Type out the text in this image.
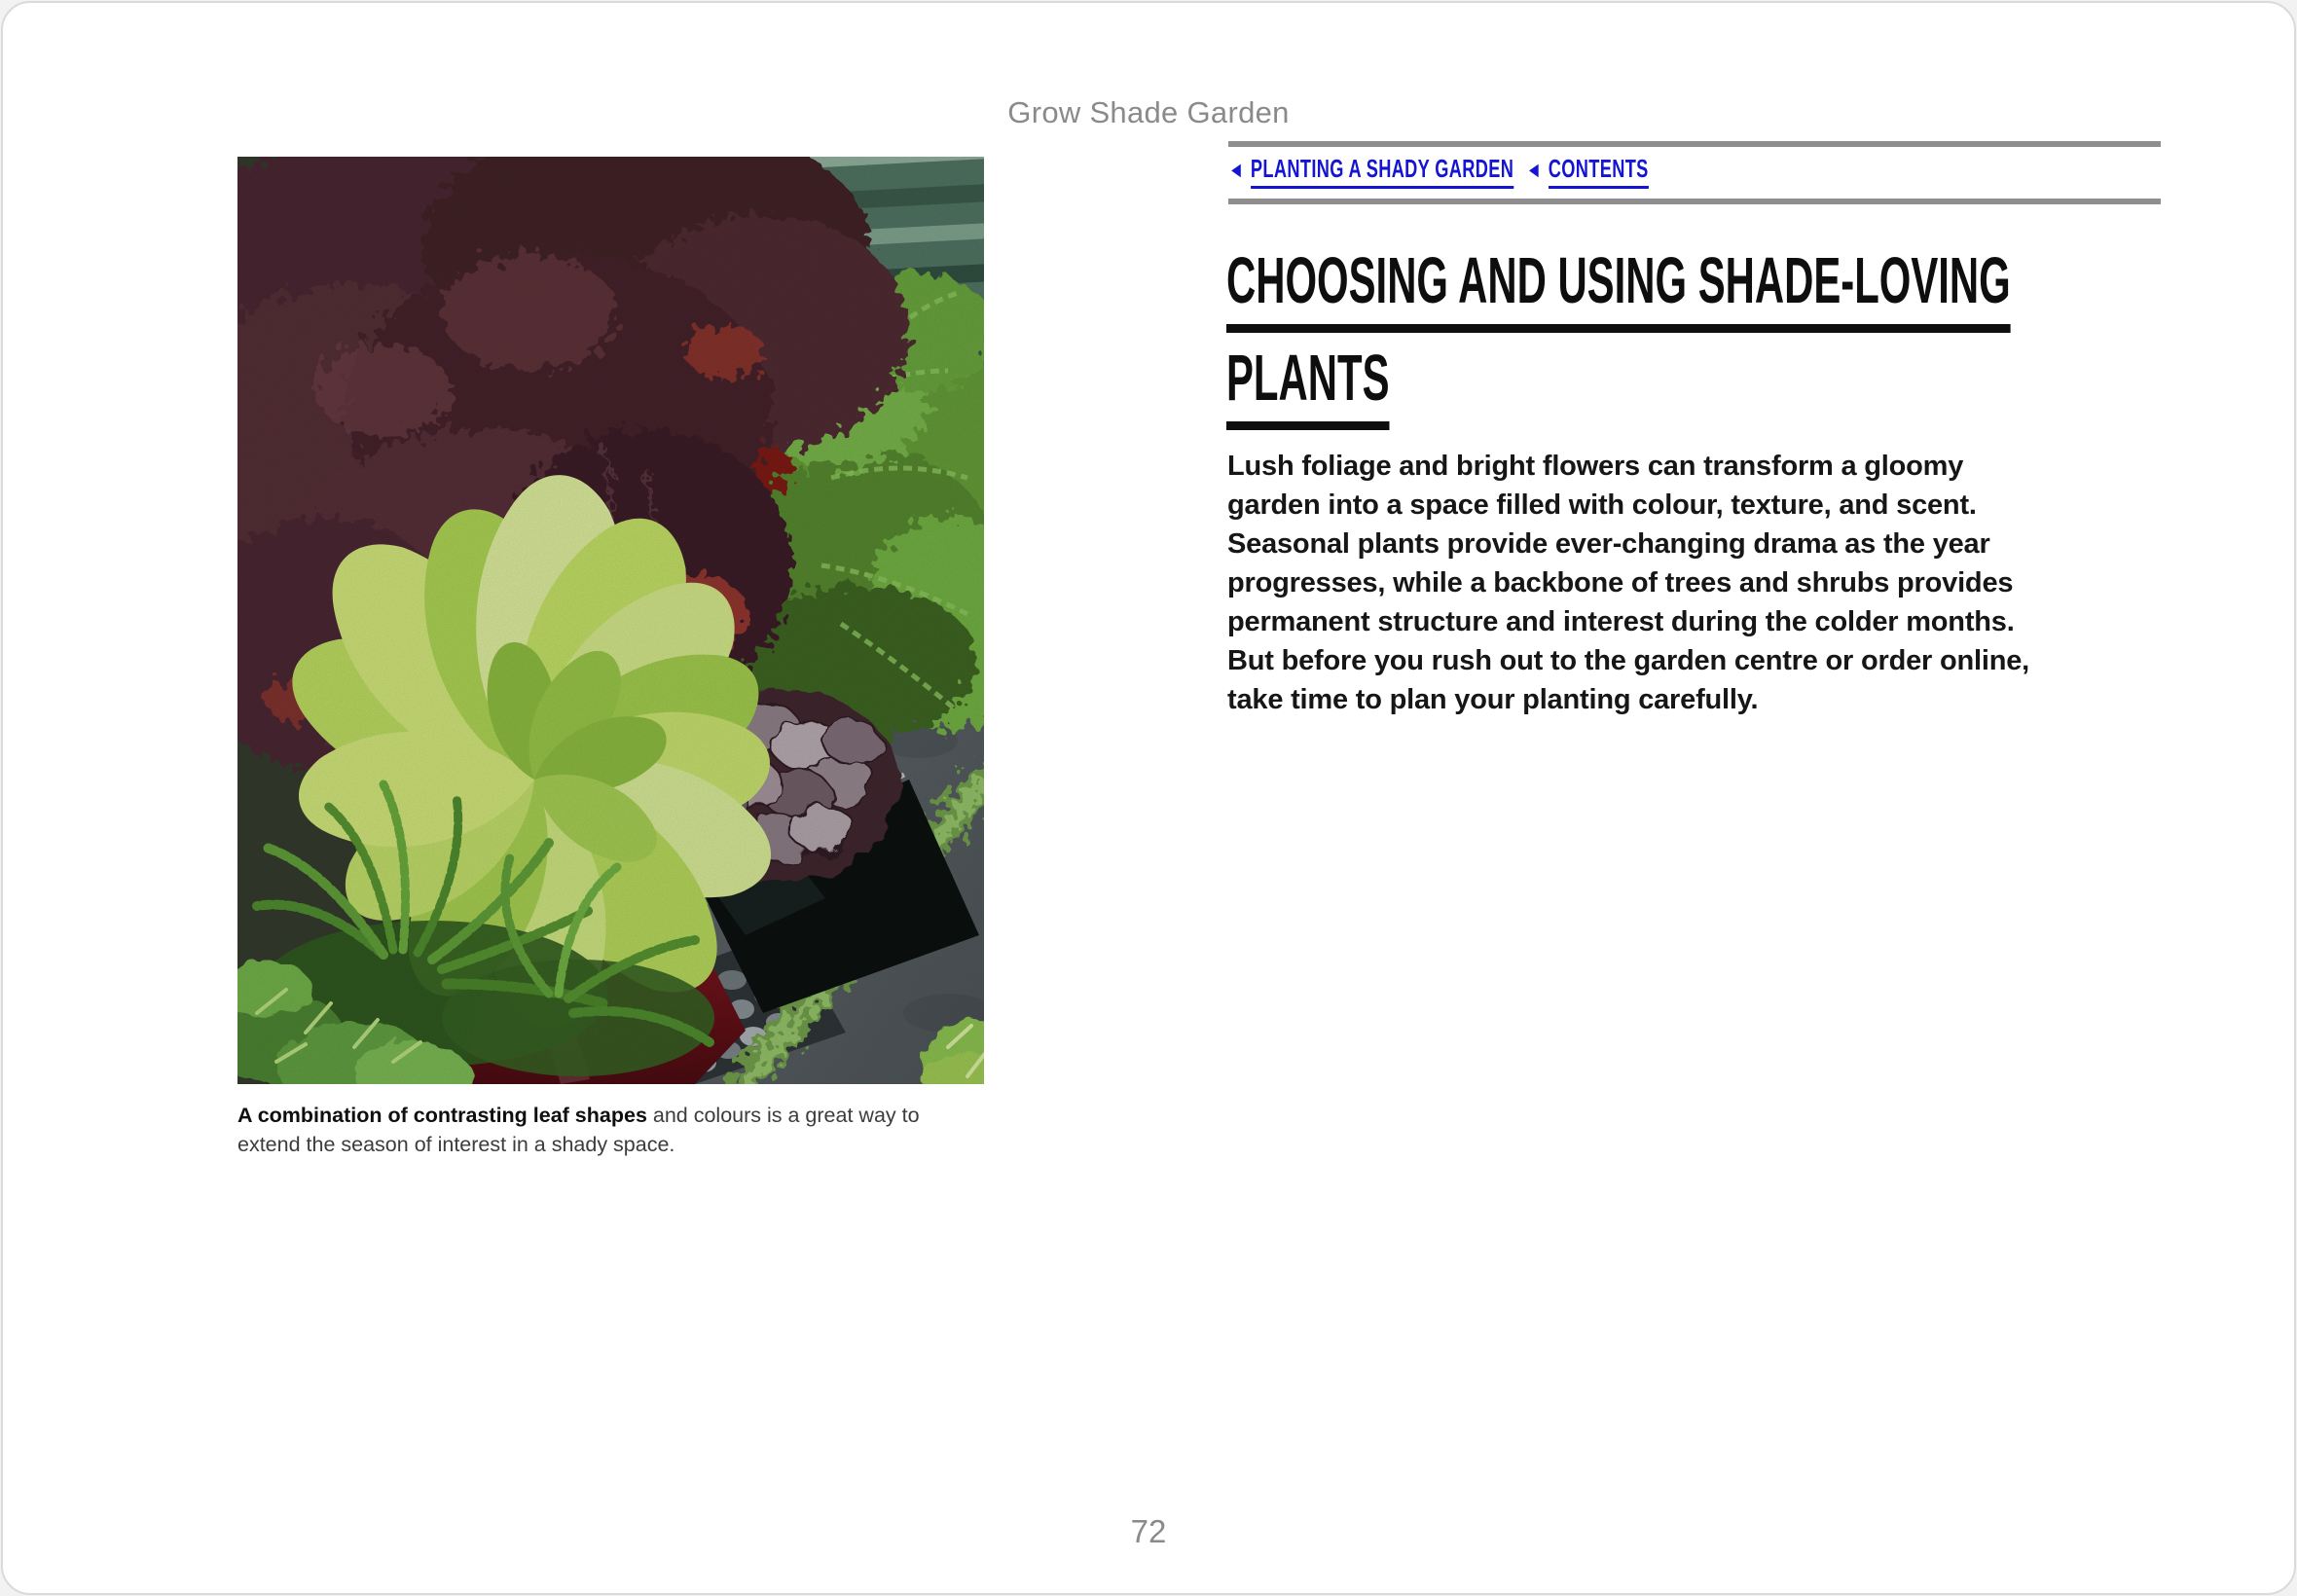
Grow Shade Garden
A combination of contrasting leaf shapes and colours is a great way to extend the season of interest in a shady space.
◄ PLANTING A SHADY GARDEN ◄ CONTENTS
CHOOSING AND USING SHADE-LOVING
PLANTS
Lush foliage and bright flowers can transform a gloomy
garden into a space filled with colour, texture, and scent.
Seasonal plants provide ever-changing drama as the year
progresses, while a backbone of trees and shrubs provides
permanent structure and interest during the colder months.
But before you rush out to the garden centre or order online,
take time to plan your planting carefully.
72
